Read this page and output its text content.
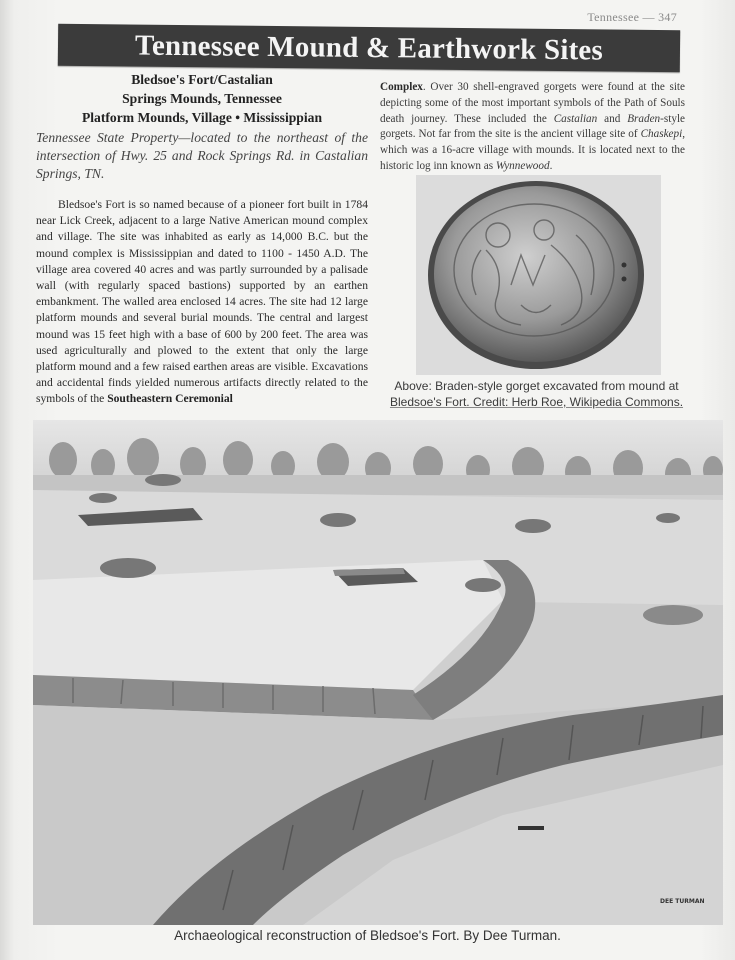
Tennessee — 347
Tennessee Mound & Earthwork Sites
Bledsoe's Fort/Castalian
Springs Mounds, Tennessee
Platform Mounds, Village • Mississippian
Tennessee State Property—located to the northeast of the intersection of Hwy. 25 and Rock Springs Rd. in Castalian Springs, TN.
Bledsoe's Fort is so named because of a pioneer fort built in 1784 near Lick Creek, adjacent to a large Native American mound complex and village. The site was inhabited as early as 14,000 B.C. but the mound complex is Mississippian and dated to 1100 - 1450 A.D. The village area covered 40 acres and was partly surrounded by a palisade wall (with regularly spaced bastions) supported by an earthen embankment. The walled area enclosed 14 acres. The site had 12 large platform mounds and several burial mounds. The central and largest mound was 15 feet high with a base of 600 by 200 feet. The area was used agriculturally and plowed to the extent that only the large platform mound and a few raised earthen areas are visible. Excavations and accidental finds yielded numerous artifacts directly related to the symbols of the Southeastern Ceremonial
Complex. Over 30 shell-engraved gorgets were found at the site depicting some of the most important symbols of the Path of Souls death journey. These included the Castalian and Braden-style gorgets. Not far from the site is the ancient village site of Chaskepi, which was a 16-acre village with mounds. It is located next to the historic log inn known as Wynnewood.
Above: Braden-style gorget excavated from mound at
Bledsoe's Fort. Credit: Herb Roe, Wikipedia Commons.
DEE TURMAN
Archaeological reconstruction of Bledsoe's Fort. By Dee Turman.
